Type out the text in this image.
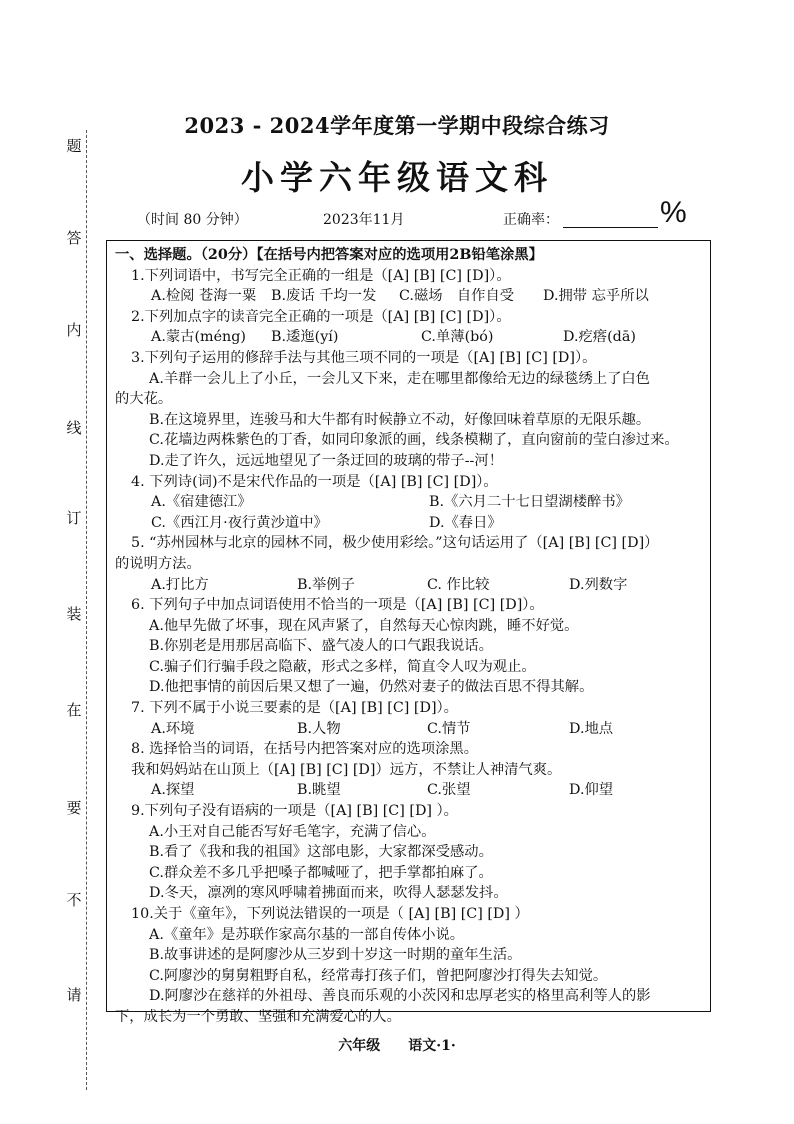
题
答
内
线
订
装
在
要
不
请
2023 - 2024学年度第一学期中段综合练习
小学六年级语文科
（时间 80 分钟）	2023年11月	正确率：	%
一、选择题。（20分）【在括号内把答案对应的选项用2B铅笔涂黑】
1.下列词语中，书写完全正确的一组是（[A] [B] [C] [D]）。
A.检阅 苍海一粟	B.废话 千均一发	C.磁场　自作自受	D.拥带 忘乎所以
2.下列加点字的读音完全正确的一项是（[A] [B] [C] [D]）。
A.蒙古(méng)	B.逶迤(yí)	C.单薄(bó)	D.疙瘩(dā)
3.下列句子运用的修辞手法与其他三项不同的一项是（[A] [B] [C] [D]）。
A.羊群一会儿上了小丘，一会儿又下来，走在哪里都像给无边的绿毯绣上了白色
的大花。
B.在这境界里，连骏马和大牛都有时候静立不动，好像回味着草原的无限乐趣。
C.花墙边两株紫色的丁香，如同印象派的画，线条模糊了，直向窗前的莹白渗过来。
D.走了许久，远远地望见了一条迂回的玻璃的带子--河！
4. 下列诗(词)不是宋代作品的一项是（[A] [B] [C] [D]）。
A.《宿建德江》	B.《六月二十七日望湖楼醉书》
C.《西江月·夜行黄沙道中》	D.《春日》
5. “苏州园林与北京的园林不同，极少使用彩绘。”这句话运用了（[A] [B] [C] [D]）
的说明方法。
A.打比方	B.举例子	C. 作比较	D.列数字
6. 下列句子中加点词语使用不恰当的一项是（[A] [B] [C] [D]）。
A.他早先做了坏事，现在风声紧了，自然每天心惊肉跳，睡不好觉。
B.你别老是用那居高临下、盛气凌人的口气跟我说话。
C.骗子们行骗手段之隐蔽，形式之多样，简直令人叹为观止。
D.他把事情的前因后果又想了一遍，仍然对妻子的做法百思不得其解。
7. 下列不属于小说三要素的是（[A] [B] [C] [D]）。
A.环境	B.人物	C.情节	D.地点
8. 选择恰当的词语，在括号内把答案对应的选项涂黑。
我和妈妈站在山顶上（[A] [B] [C] [D]）远方，不禁让人神清气爽。
A.探望	B.眺望	C.张望	D.仰望
9.下列句子没有语病的一项是（[A] [B] [C] [D] ）。
A.小王对自己能否写好毛笔字，充满了信心。
B.看了《我和我的祖国》这部电影，大家都深受感动。
C.群众差不多几乎把嗓子都喊哑了，把手掌都拍麻了。
D.冬天，凛冽的寒风呼啸着拂面而来，吹得人瑟瑟发抖。
10.关于《童年》，下列说法错误的一项是（ [A] [B] [C] [D] ）
A.《童年》是苏联作家高尔基的一部自传体小说。
B.故事讲述的是阿廖沙从三岁到十岁这一时期的童年生活。
C.阿廖沙的舅舅粗野自私，经常毒打孩子们，曾把阿廖沙打得失去知觉。
D.阿廖沙在慈祥的外祖母、善良而乐观的小茨冈和忠厚老实的格里高利等人的影
下，成长为一个勇敢、坚强和充满爱心的人。
六年级　　语文·1·
